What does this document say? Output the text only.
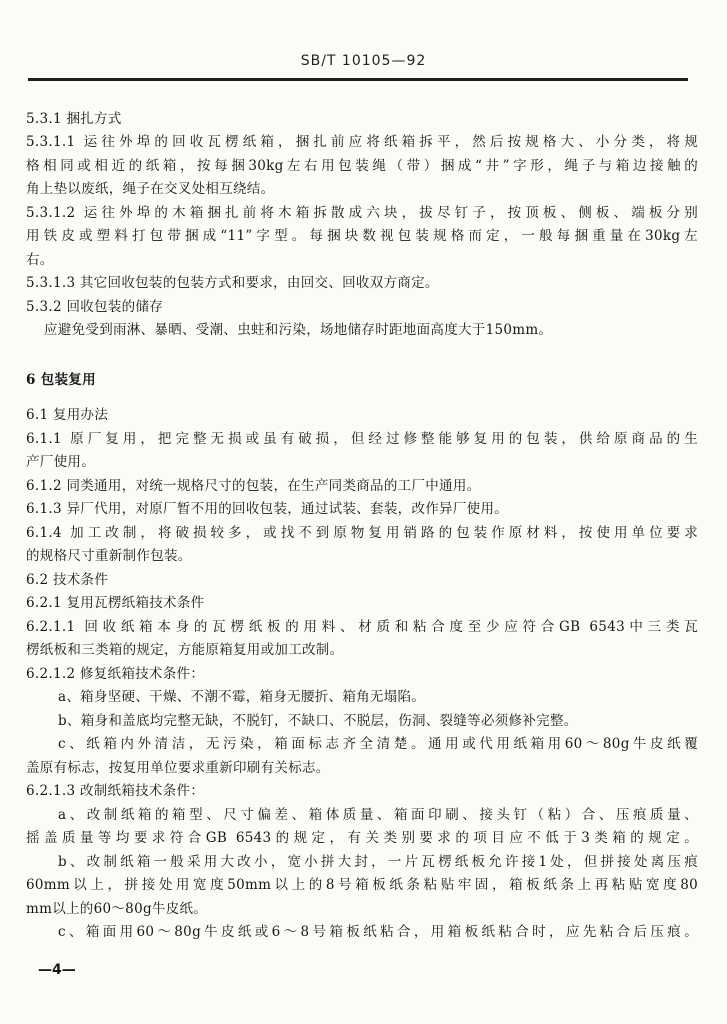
SB/T 10105—92
5.3.1 捆扎方式
5.3.1.1 运往外埠的回收瓦楞纸箱，捆扎前应将纸箱拆平，然后按规格大、小分类，将规
格相同或相近的纸箱，按每捆30kg左右用包装绳（带）捆成“井”字形，绳子与箱边接触的
角上垫以废纸，绳子在交叉处相互绕结。
5.3.1.2 运往外埠的木箱捆扎前将木箱拆散成六块，拔尽钉子，按顶板、侧板、端板分别
用铁皮或塑料打包带捆成“11”字型。每捆块数视包装规格而定，一般每捆重量在30kg左
右。
5.3.1.3 其它回收包装的包装方式和要求，由回交、回收双方商定。
5.3.2 回收包装的储存
应避免受到雨淋、暴晒、受潮、虫蛀和污染，场地储存时距地面高度大于150mm。
6 包装复用
6.1 复用办法
6.1.1 原厂复用，把完整无损或虽有破损，但经过修整能够复用的包装，供给原商品的生
产厂使用。
6.1.2 同类通用，对统一规格尺寸的包装，在生产同类商品的工厂中通用。
6.1.3 异厂代用，对原厂暂不用的回收包装，通过试装、套装，改作异厂使用。
6.1.4 加工改制，将破损较多，或找不到原物复用销路的包装作原材料，按使用单位要求
的规格尺寸重新制作包装。
6.2 技术条件
6.2.1 复用瓦楞纸箱技术条件
6.2.1.1 回收纸箱本身的瓦楞纸板的用料、材质和粘合度至少应符合GB 6543中三类瓦
楞纸板和三类箱的规定，方能原箱复用或加工改制。
6.2.1.2 修复纸箱技术条件：
a、箱身坚硬、干燥、不潮不霉，箱身无腰折、箱角无塌陷。
b、箱身和盖底均完整无缺，不脱钉，不缺口、不脱层，伤洞、裂缝等必须修补完整。
c、纸箱内外清洁，无污染，箱面标志齐全清楚。通用或代用纸箱用60～80g牛皮纸覆
盖原有标志，按复用单位要求重新印刷有关标志。
6.2.1.3 改制纸箱技术条件：
a、改制纸箱的箱型、尺寸偏差、箱体质量、箱面印刷、接头钉（粘）合、压痕质量、
摇盖质量等均要求符合GB 6543的规定，有关类别要求的项目应不低于3类箱的规定。
b、改制纸箱一般采用大改小，宽小拼大封，一片瓦楞纸板允许接1处，但拼接处离压痕
60mm以上，拼接处用宽度50mm以上的8号箱板纸条粘贴牢固，箱板纸条上再粘贴宽度80
mm以上的60～80g牛皮纸。
c、箱面用60～80g牛皮纸或6～8号箱板纸粘合，用箱板纸粘合时，应先粘合后压痕。
—4—
